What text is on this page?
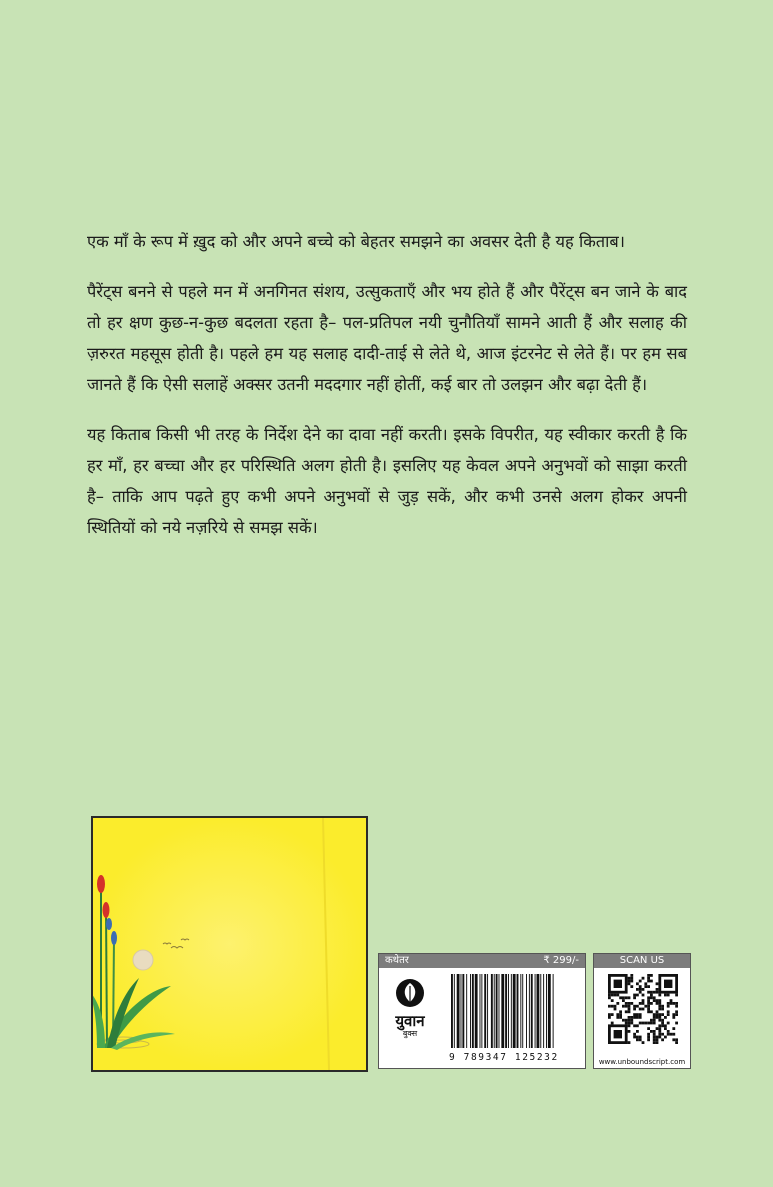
एक माँ के रूप में ख़ुद को और अपने बच्चे को बेहतर समझने का अवसर देती है यह किताब।

पैरेंट्स बनने से पहले मन में अनगिनत संशय, उत्सुकताएँ और भय होते हैं और पैरेंट्स बन जाने के बाद तो हर क्षण कुछ-न-कुछ बदलता रहता है– पल-प्रतिपल नयी चुनौतियाँ सामने आती हैं और सलाह की ज़रुरत महसूस होती है। पहले हम यह सलाह दादी-ताई से लेते थे, आज इंटरनेट से लेते हैं। पर हम सब जानते हैं कि ऐसी सलाहें अक्सर उतनी मददगार नहीं होतीं, कई बार तो उलझन और बढ़ा देती हैं।

यह किताब किसी भी तरह के निर्देश देने का दावा नहीं करती। इसके विपरीत, यह स्वीकार करती है कि हर माँ, हर बच्चा और हर परिस्थिति अलग होती है। इसलिए यह केवल अपने अनुभवों को साझा करती है– ताकि आप पढ़ते हुए कभी अपने अनुभवों से जुड़ सकें, और कभी उनसे अलग होकर अपनी स्थितियों को नये नज़रिये से समझ सकें।

कथेतर	₹ 299/-
युवान
बुक्स
9 789347 125232
SCAN US
www.unboundscript.com
